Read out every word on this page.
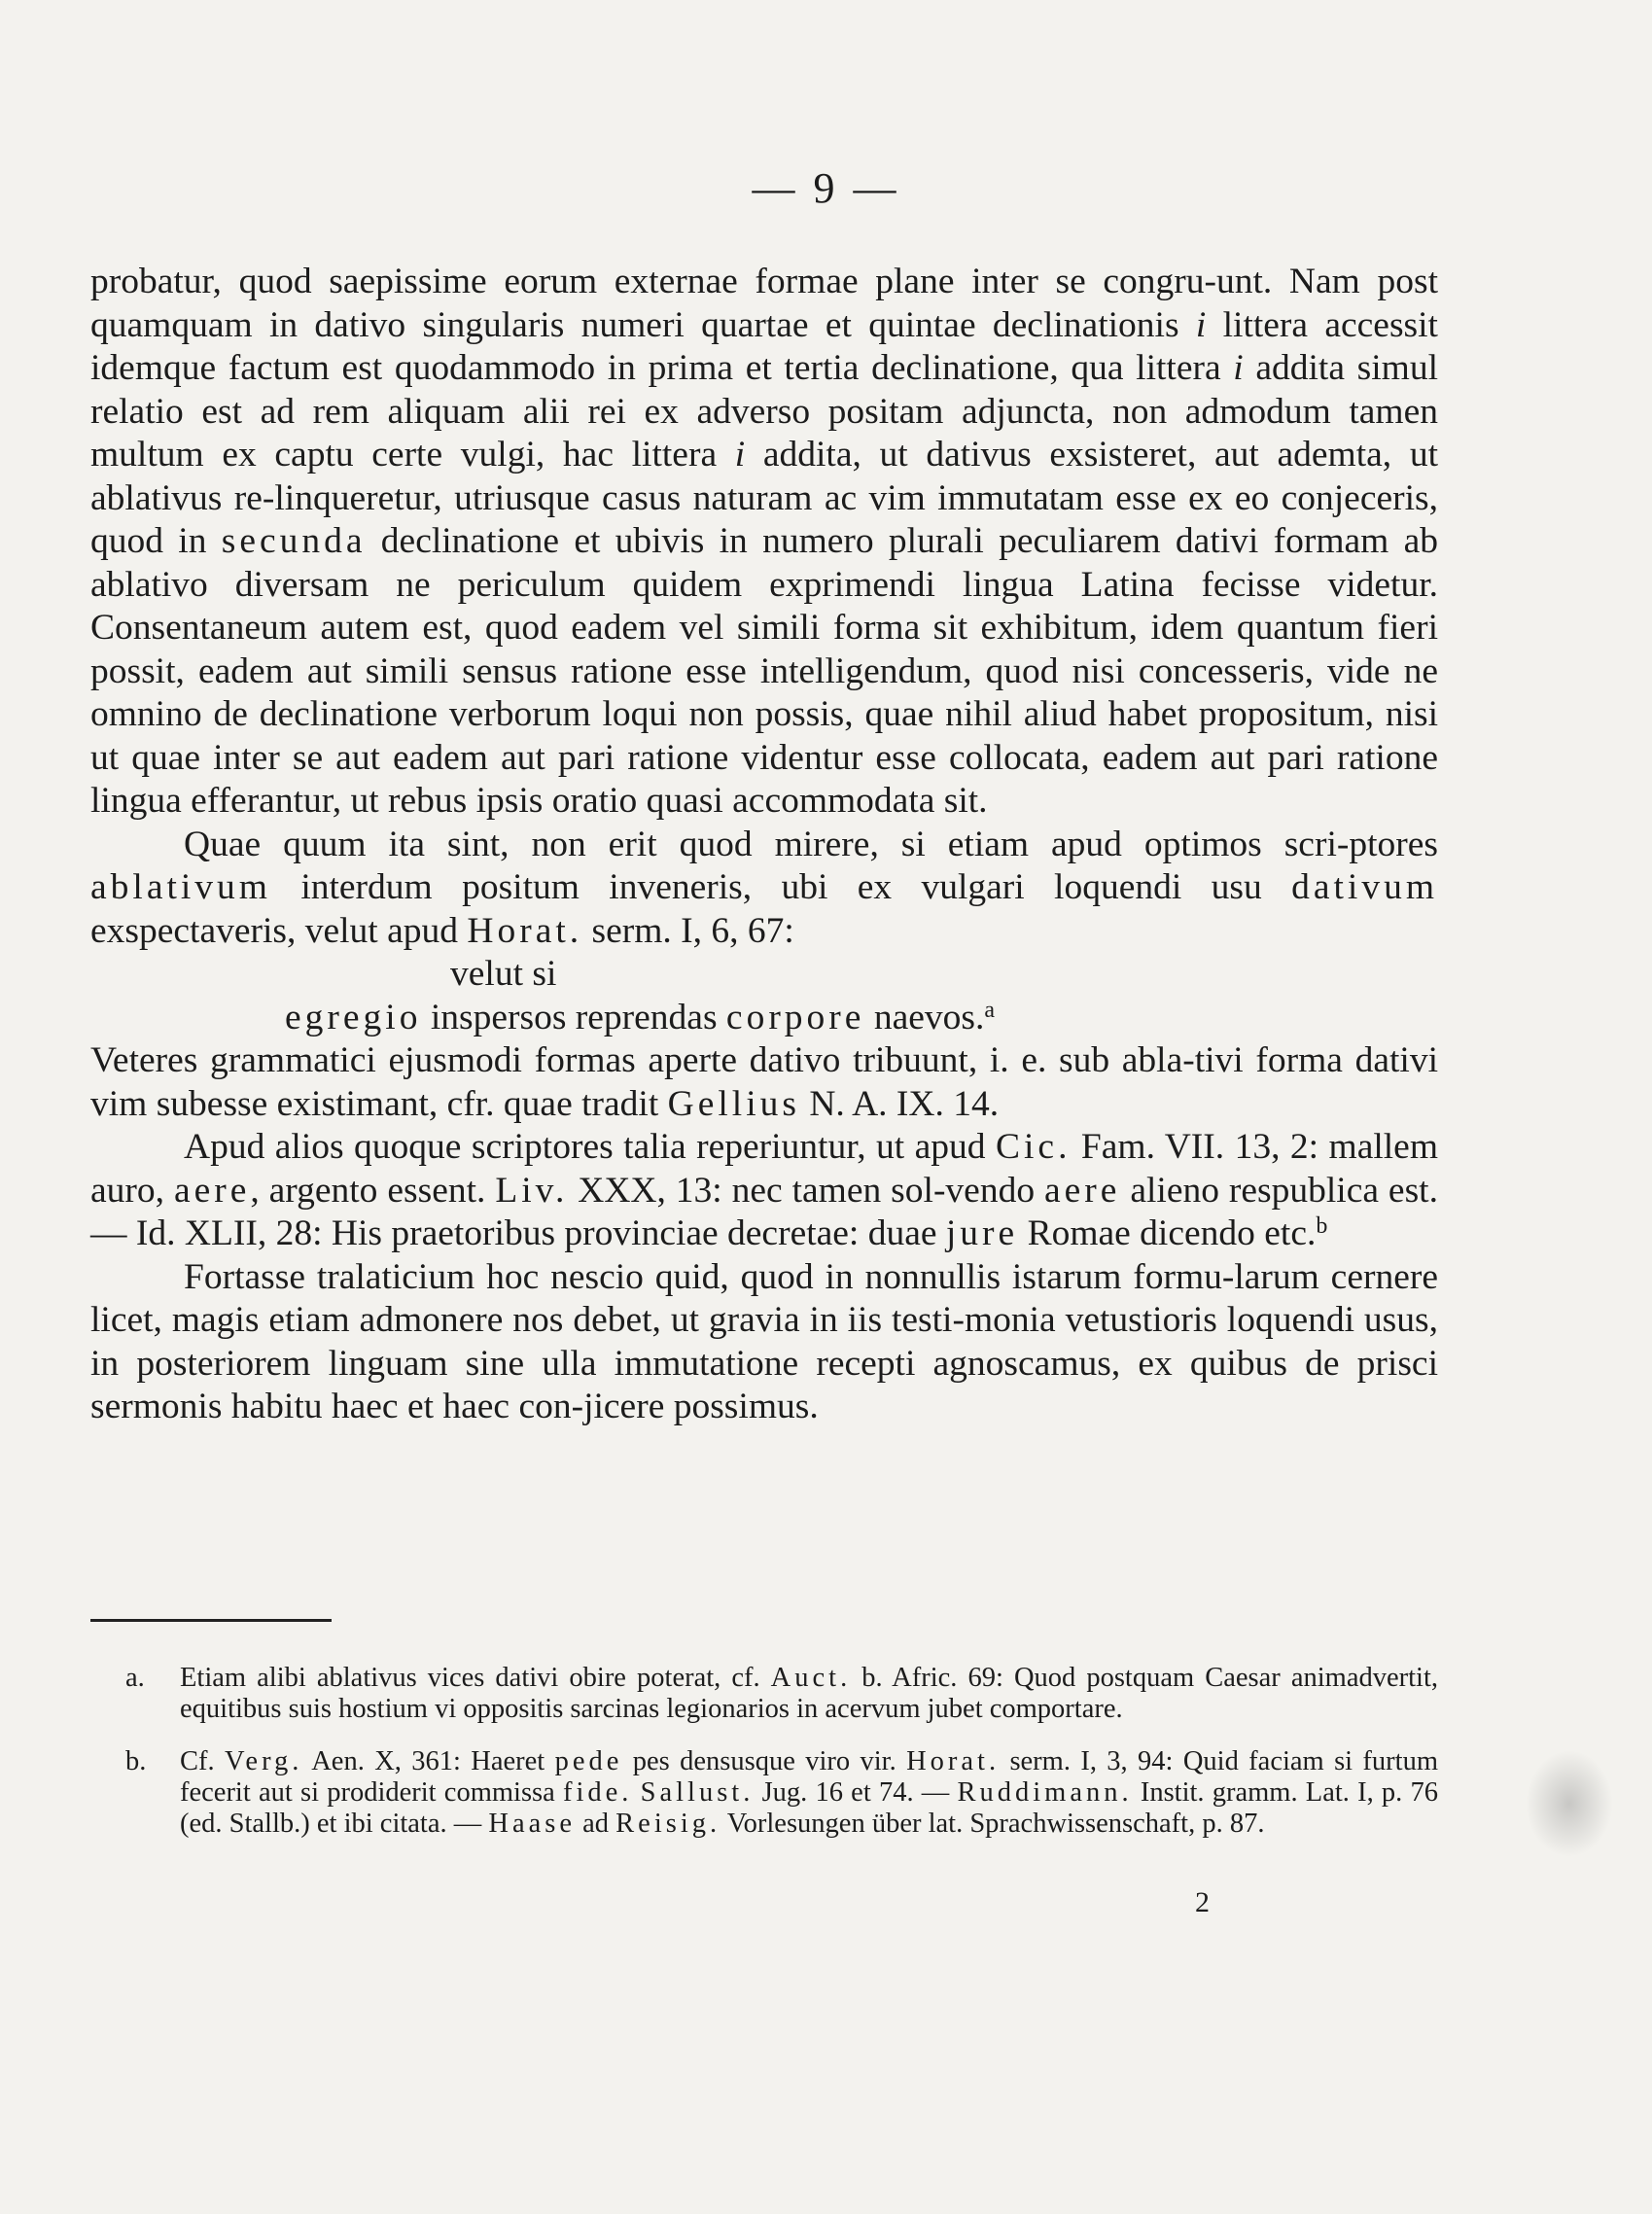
— 9 —

probatur, quod saepissime eorum externae formae plane inter se congru-unt. Nam post quamquam in dativo singularis numeri quartae et quintae declinationis i littera accessit idemque factum est quodammodo in prima et tertia declinatione, qua littera i addita simul relatio est ad rem aliquam alii rei ex adverso positam adjuncta, non admodum tamen multum ex captu certe vulgi, hac littera i addita, ut dativus exsisteret, aut ademta, ut ablativus re-linqueretur, utriusque casus naturam ac vim immutatam esse ex eo conjeceris, quod in secunda declinatione et ubivis in numero plurali peculiarem dativi formam ab ablativo diversam ne periculum quidem exprimendi lingua Latina fecisse videtur. Consentaneum autem est, quod eadem vel simili forma sit exhibitum, idem quantum fieri possit, eadem aut simili sensus ratione esse intelligendum, quod nisi concesseris, vide ne omnino de declinatione verborum loqui non possis, quae nihil aliud habet propositum, nisi ut quae inter se aut eadem aut pari ratione videntur esse collocata, eadem aut pari ratione lingua efferantur, ut rebus ipsis oratio quasi accommodata sit.

Quae quum ita sint, non erit quod mirere, si etiam apud optimos scri-ptores ablativum interdum positum inveneris, ubi ex vulgari loquendi usu dativum exspectaveris, velut apud Horat. serm. I, 6, 67:

velut si

egregio inspersos reprendas corpore naevos.$^a$

Veteres grammatici ejusmodi formas aperte dativo tribuunt, i. e. sub abla-tivi forma dativi vim subesse existimant, cfr. quae tradit Gellius N. A. IX. 14.

Apud alios quoque scriptores talia reperiuntur, ut apud Cic. Fam. VII. 13, 2: mallem auro, aere, argento essent. Liv. XXX, 13: nec tamen sol-vendo aere alieno respublica est. — Id. XLII, 28: His praetoribus provinciae decretae: duae jure Romae dicendo etc.$^b$

Fortasse tralaticium hoc nescio quid, quod in nonnullis istarum formu-larum cernere licet, magis etiam admonere nos debet, ut gravia in iis testi-monia vetustioris loquendi usus, in posteriorem linguam sine ulla immutatione recepti agnoscamus, ex quibus de prisci sermonis habitu haec et haec con-jicere possimus.

a.	Etiam alibi ablativus vices dativi obire poterat, cf. Auct. b. Afric. 69: Quod postquam Caesar animadvertit, equitibus suis hostium vi oppositis sarcinas legionarios in acervum jubet comportare.
b.	Cf. Verg. Aen. X, 361: Haeret pede pes densusque viro vir. Horat. serm. I, 3, 94: Quid faciam si furtum fecerit aut si prodiderit commissa fide. Sallust. Jug. 16 et 74. — Ruddimann. Instit. gramm. Lat. I, p. 76 (ed. Stallb.) et ibi citata. — Haase ad Reisig. Vorlesungen über lat. Sprachwissenschaft, p. 87.
2
